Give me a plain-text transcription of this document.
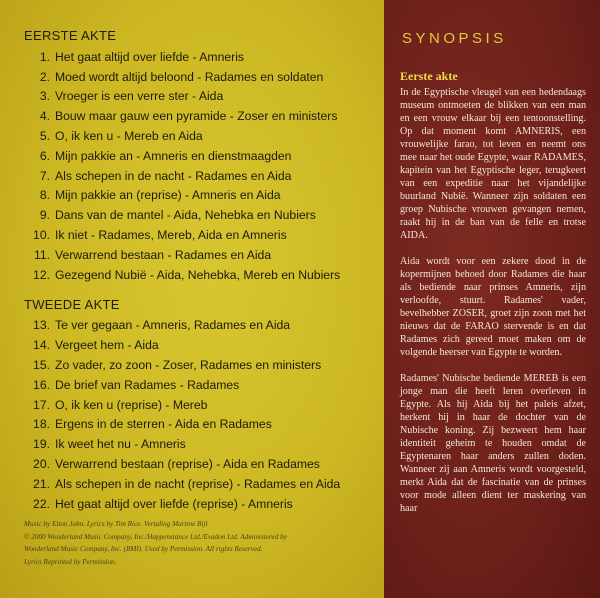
EERSTE AKTE
1. Het gaat altijd over liefde - Amneris
2. Moed wordt altijd beloond - Radames en soldaten
3. Vroeger is een verre ster - Aida
4. Bouw maar gauw een pyramide - Zoser en ministers
5. O, ik ken u - Mereb en Aida
6. Mijn pakkie an - Amneris en dienstmaagden
7. Als schepen in de nacht - Radames en Aida
8. Mijn pakkie an (reprise) - Amneris en Aida
9. Dans van de mantel - Aida, Nehebka en Nubiers
10. Ik niet - Radames, Mereb, Aida en Amneris
11. Verwarrend bestaan - Radames en Aida
12. Gezegend Nubië - Aida, Nehebka, Mereb en Nubiers
TWEEDE AKTE
13. Te ver gegaan - Amneris, Radames en Aida
14. Vergeet hem - Aida
15. Zo vader, zo zoon - Zoser, Radames en ministers
16. De brief van Radames - Radames
17. O, ik ken u (reprise) - Mereb
18. Ergens in de sterren - Aida en Radames
19. Ik weet het nu - Amneris
20. Verwarrend bestaan (reprise) - Aida en Radames
21. Als schepen in de nacht (reprise) - Radames en Aida
22. Het gaat altijd over liefde (reprise) - Amneris

Music by Elton John. Lyrics by Tim Rice. Vertaling Martine Bijl

© 2000 Wonderland Music Company, Inc./Happenstance Ltd./Evadon Ltd. Administered by

Wonderland Music Company, Inc. (BMI). Used by Permission. All rights Reserved.

Lyrics Reprinted by Permission.

SYNOPSIS
Eerste akte

In de Egyptische vleugel van een hedendaags museum ontmoeten de blikken van een man en een vrouw elkaar bij een tentoonstelling. Op dat moment komt AMNERIS, een vrouwelijke farao, tot leven en neemt ons mee naar het oude Egypte, waar RADAMES, kapitein van het Egyptische leger, terugkeert van een expeditie naar het vijandelijke buurland Nubië. Wanneer zijn soldaten een groep Nubische vrouwen gevangen nemen, raakt hij in de ban van de felle en trotse AIDA.

Aida wordt voor een zekere dood in de kopermijnen behoed door Radames die haar als bediende naar prinses Amneris, zijn verloofde, stuurt. Radames' vader, bevelhebber ZOSER, groet zijn zoon met het nieuws dat de FARAO stervende is en dat Radames zich gereed moet maken om de volgende heerser van Egypte te worden.

Radames' Nubische bediende MEREB is een jonge man die heeft leren overleven in Egypte. Als hij Aida bij het paleis afzet, herkent hij in haar de dochter van de Nubische koning. Zij bezweert hem haar identiteit geheim te houden omdat de Egyptenaren haar anders zullen doden. Wanneer zij aan Amneris wordt voorgesteld, merkt Aida dat de fascinatie van de prinses voor mode alleen dient ter maskering van haar
